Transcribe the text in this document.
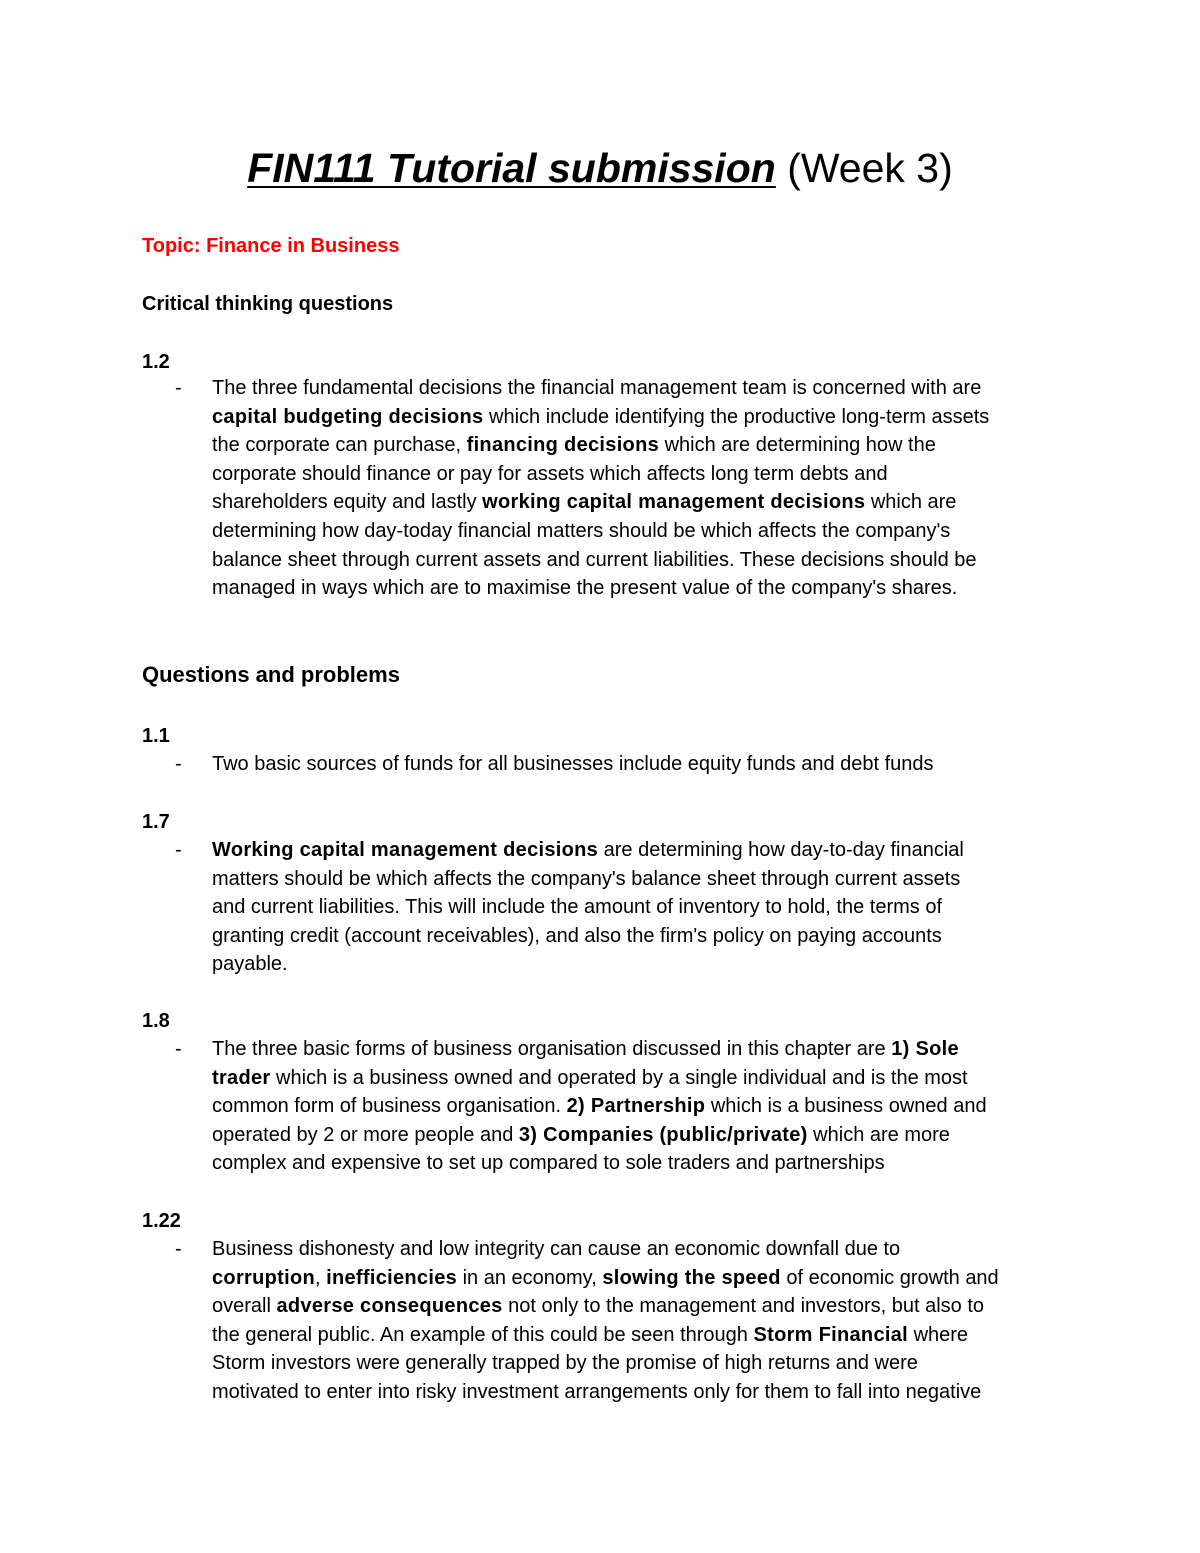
FIN111 Tutorial submission (Week 3)
Topic: Finance in Business
Critical thinking questions
1.2
- The three fundamental decisions the financial management team is concerned with are
capital budgeting decisions which include identifying the productive long-term assets
the corporate can purchase, financing decisions which are determining how the
corporate should finance or pay for assets which affects long term debts and
shareholders equity and lastly working capital management decisions which are
determining how day-today financial matters should be which affects the company's
balance sheet through current assets and current liabilities. These decisions should be
managed in ways which are to maximise the present value of the company's shares.
Questions and problems
1.1
- Two basic sources of funds for all businesses include equity funds and debt funds
1.7
- Working capital management decisions are determining how day-to-day financial
matters should be which affects the company's balance sheet through current assets
and current liabilities. This will include the amount of inventory to hold, the terms of
granting credit (account receivables), and also the firm's policy on paying accounts
payable.
1.8
- The three basic forms of business organisation discussed in this chapter are 1) Sole
trader which is a business owned and operated by a single individual and is the most
common form of business organisation. 2) Partnership which is a business owned and
operated by 2 or more people and 3) Companies (public/private) which are more
complex and expensive to set up compared to sole traders and partnerships
1.22
- Business dishonesty and low integrity can cause an economic downfall due to
corruption, inefficiencies in an economy, slowing the speed of economic growth and
overall adverse consequences not only to the management and investors, but also to
the general public. An example of this could be seen through Storm Financial where
Storm investors were generally trapped by the promise of high returns and were
motivated to enter into risky investment arrangements only for them to fall into negative
